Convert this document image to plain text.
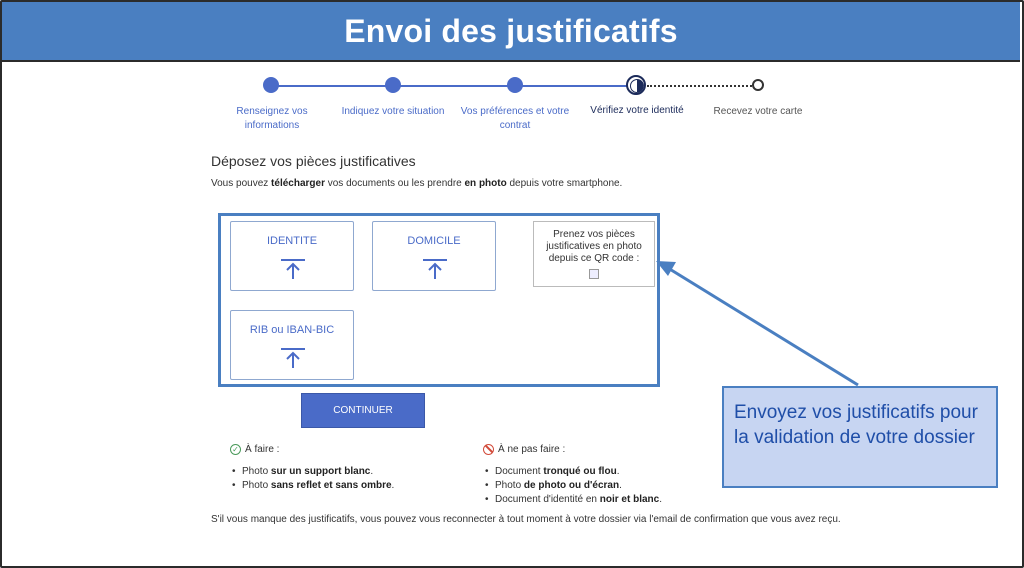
Envoi des justificatifs
Renseignez vos informations
Indiquez votre situation	Vos préférences et votre contrat
Vérifiez votre identité	Recevez votre carte
Déposez vos pièces justificatives
Vous pouvez télécharger vos documents ou les prendre en photo depuis votre smartphone.
IDENTITE	DOMICILE
RIB ou IBAN-BIC
Prenez vos pièces justificatives en photo depuis ce QR code :
CONTINUER
✓ À faire :
• Photo sur un support blanc.
• Photo sans reflet et sans ombre.
À ne pas faire :
• Document tronqué ou flou.
• Photo de photo ou d'écran.
• Document d'identité en noir et blanc.
S'il vous manque des justificatifs, vous pouvez vous reconnecter à tout moment à votre dossier via l'email de confirmation que vous avez reçu.

Envoyez vos justificatifs pour la validation de votre dossier
